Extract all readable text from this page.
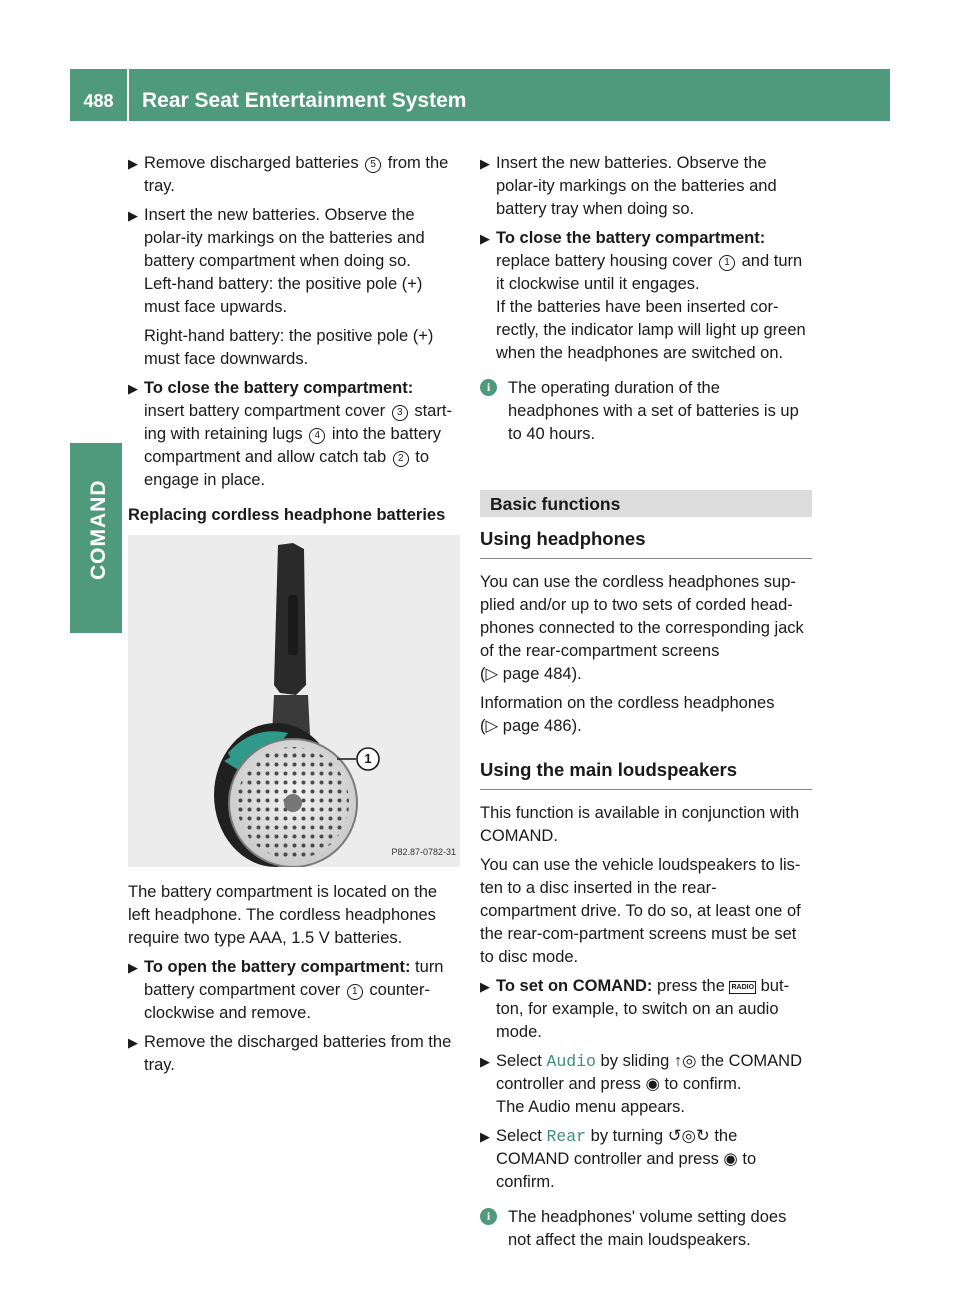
488	Rear Seat Entertainment System
COMAND
▶ Remove discharged batteries 5 from the tray.
▶ Insert the new batteries. Observe the polar-ity markings on the batteries and battery compartment when doing so.
Left-hand battery: the positive pole (+) must face upwards.
Right-hand battery: the positive pole (+) must face downwards.
▶ To close the battery compartment:
insert battery compartment cover 3 start-ing with retaining lugs 4 into the battery compartment and allow catch tab 2 to engage in place.
Replacing cordless headphone batteries
1
P82.87-0782-31
The battery compartment is located on the left headphone. The cordless headphones require two type AAA, 1.5 V batteries.
▶ To open the battery compartment: turn battery compartment cover 1 counter-clockwise and remove.
▶ Remove the discharged batteries from the tray.
▶ Insert the new batteries. Observe the polar-ity markings on the batteries and battery tray when doing so.
▶ To close the battery compartment:
replace battery housing cover 1 and turn it clockwise until it engages.
If the batteries have been inserted cor-rectly, the indicator lamp will light up green when the headphones are switched on.
i	The operating duration of the headphones with a set of batteries is up to 40 hours.
Basic functions
Using headphones
You can use the cordless headphones sup-plied and/or up to two sets of corded head-phones connected to the corresponding jack of the rear-compartment screens
(▷ page 484).
Information on the cordless headphones
(▷ page 486).
Using the main loudspeakers
This function is available in conjunction with COMAND.
You can use the vehicle loudspeakers to lis-ten to a disc inserted in the rear-compartment drive. To do so, at least one of the rear-com-partment screens must be set to disc mode.
▶ To set on COMAND: press the RADIO but-ton, for example, to switch on an audio mode.
▶ Select Audio by sliding ↑◎ the COMAND controller and press ◉ to confirm.
The Audio menu appears.
▶ Select Rear by turning ↺◎↻ the COMAND controller and press ◉ to confirm.
i	The headphones' volume setting does not affect the main loudspeakers.
